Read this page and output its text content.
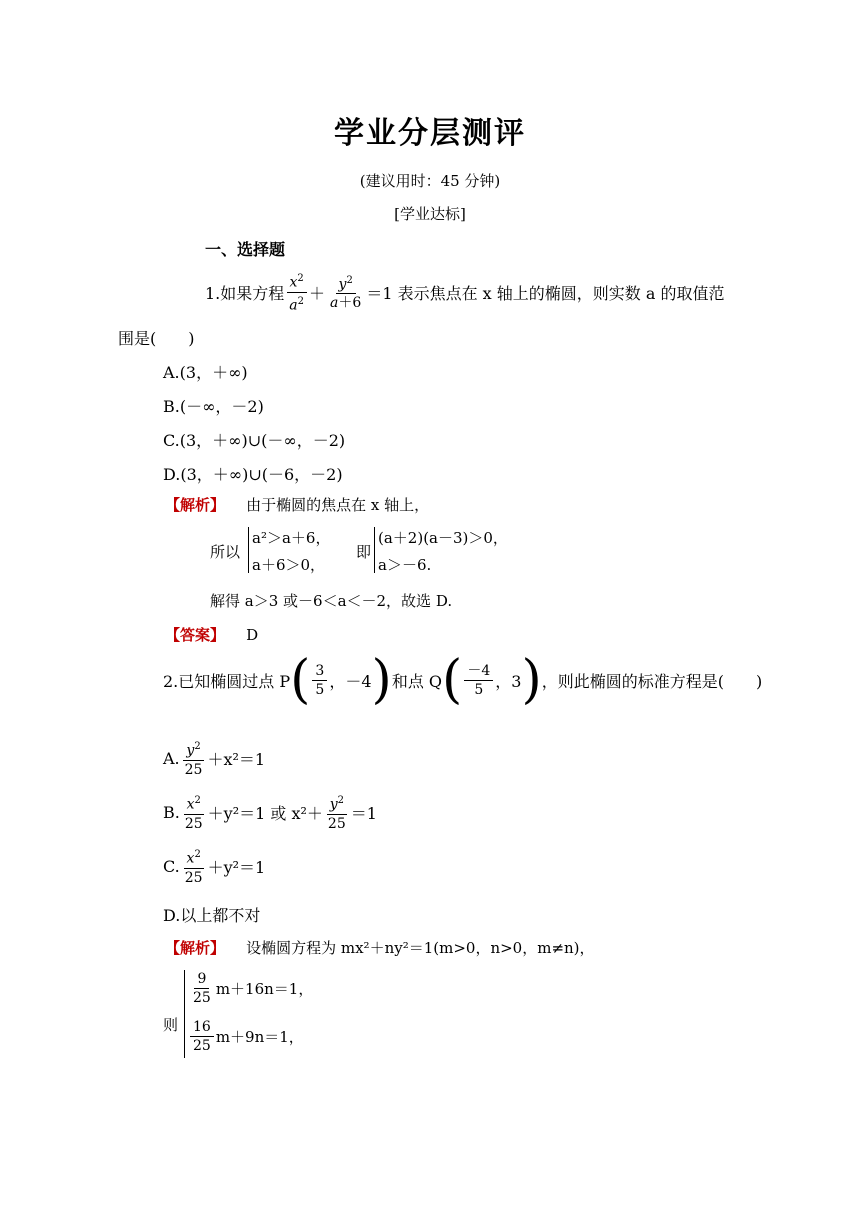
学业分层测评
(建议用时：45 分钟)
[学业达标]
一、选择题
1.如果方程 $\frac{x^2}{a^2} + \frac{y^2}{a+6} =1$ 表示焦点在 x 轴上的椭圆，则实数 a 的取值范
围是(　　)
A.(3，＋∞)
B.(－∞，－2)
C.(3，＋∞)∪(－∞，－2)
D.(3，＋∞)∪(－6，－2)
【解析】 由于椭圆的焦点在 x 轴上，
所以
a²＞a＋6，
a＋6＞0，
即
(a＋2)(a－3)＞0，
a＞－6.
解得 a＞3 或－6＜a＜－2，故选 D.
【答案】 D
2.已知椭圆过点 P ( $\frac{3}{5}$ ，－4 ) 和点 Q ( $\frac{-4}{5}$ ，3 ) ，则此椭圆的标准方程是(　　)
A. $\frac{y^2}{25} +x^2=1$
B. $\frac{x^2}{25} +y^2=1$ 或 $x^2+ \frac{y^2}{25} =1$
C. $\frac{x^2}{25} +y^2=1$
D.以上都不对
【解析】 设椭圆方程为 mx²＋ny²＝1(m>0，n>0，m≠n)，
则
$\frac{9}{25} m+16n=1$，
$\frac{16}{25} m+9n=1$，
